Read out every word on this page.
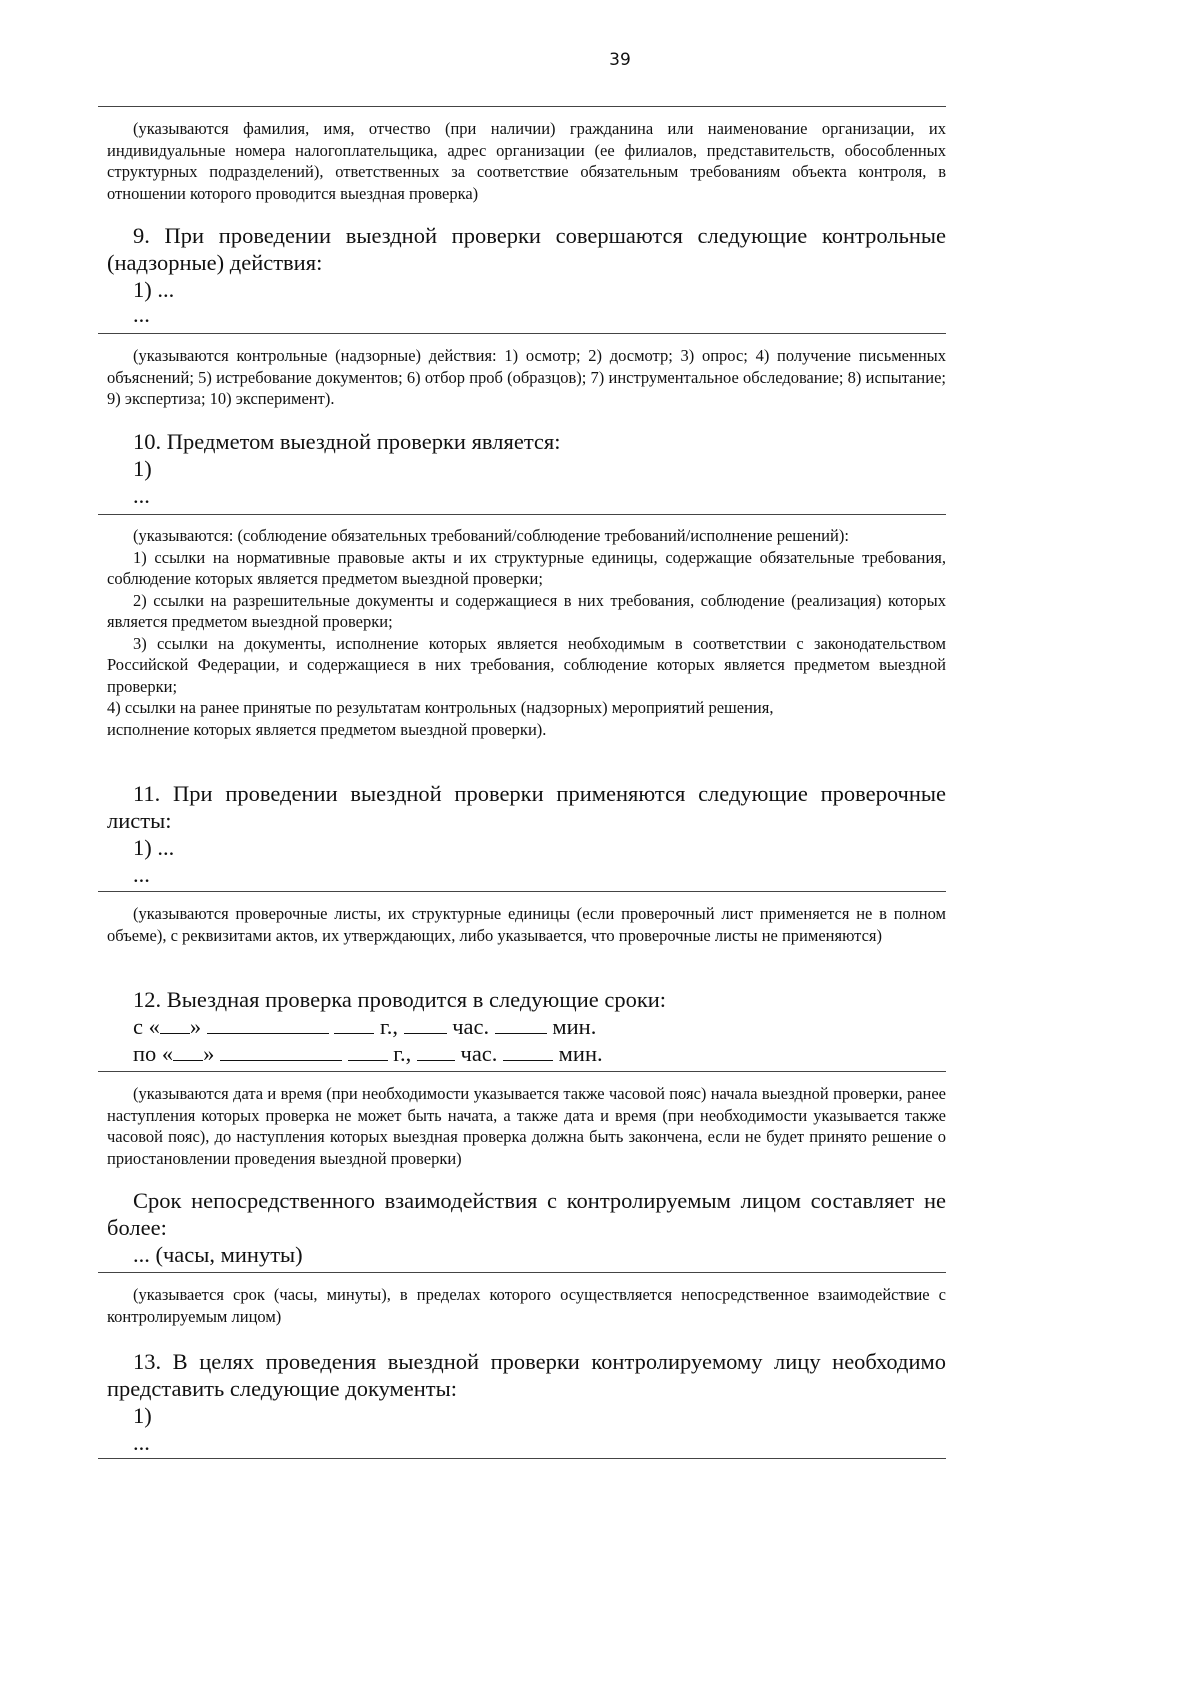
39

(указываются фамилия, имя, отчество (при наличии) гражданина или наименование организации, их индивидуальные номера налогоплательщика, адрес организации (ее филиалов, представительств, обособленных структурных подразделений), ответственных за соответствие обязательным требованиям объекта контроля, в отношении которого проводится выездная проверка)

9. При проведении выездной проверки совершаются следующие контрольные (надзорные) действия:

1) ...

...

(указываются контрольные (надзорные) действия: 1) осмотр; 2) досмотр; 3) опрос; 4) получение письменных объяснений; 5) истребование документов; 6) отбор проб (образцов); 7) инструментальное обследование; 8) испытание; 9) экспертиза; 10) эксперимент).

10. Предметом выездной проверки является:

1)

...

(указываются: (соблюдение обязательных требований/соблюдение требований/исполнение решений):

1) ссылки на нормативные правовые акты и их структурные единицы, содержащие обязательные требования, соблюдение которых является предметом выездной проверки;

2) ссылки на разрешительные документы и содержащиеся в них требования, соблюдение (реализация) которых является предметом выездной проверки;

3) ссылки на документы, исполнение которых является необходимым в соответствии с законодательством Российской Федерации, и содержащиеся в них требования, соблюдение которых является предметом выездной проверки;

4) ссылки на ранее принятые по результатам контрольных (надзорных) мероприятий решения,

исполнение которых является предметом выездной проверки).

11. При проведении выездной проверки применяются следующие проверочные листы:

1) ...

...

(указываются проверочные листы, их структурные единицы (если проверочный лист применяется не в полном объеме), с реквизитами актов, их утверждающих, либо указывается, что проверочные листы не применяются)

12. Выездная проверка проводится в следующие сроки:

с « »	г., час.	мин.

по « »	г., час.	мин.

(указываются дата и время (при необходимости указывается также часовой пояс) начала выездной проверки, ранее наступления которых проверка не может быть начата, а также дата и время (при необходимости указывается также часовой пояс), до наступления которых выездная проверка должна быть закончена, если не будет принято решение о приостановлении проведения выездной проверки)

Срок непосредственного взаимодействия с контролируемым лицом составляет не более:

... (часы, минуты)

(указывается срок (часы, минуты), в пределах которого осуществляется непосредственное взаимодействие с контролируемым лицом)

13. В целях проведения выездной проверки контролируемому лицу необходимо представить следующие документы:

1)

...
